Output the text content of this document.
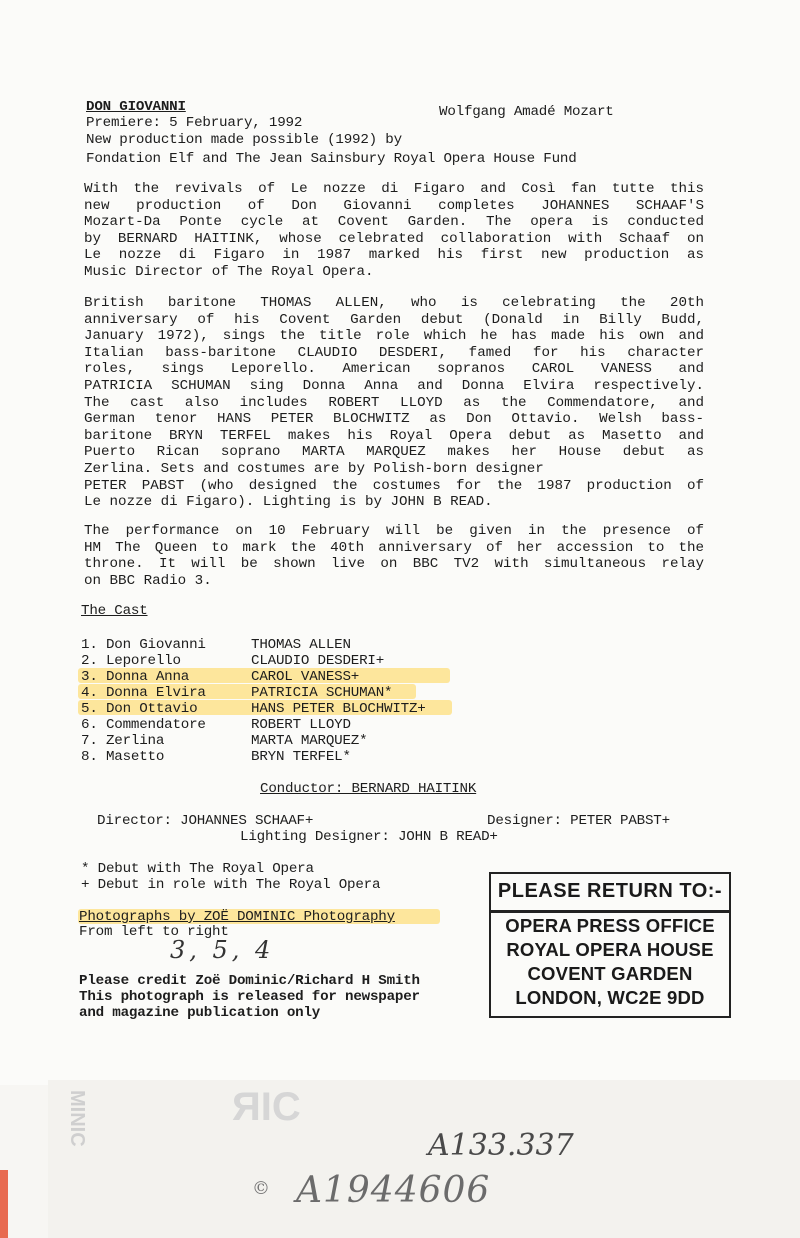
DON GIOVANNI	Wolfgang Amadé Mozart
Premiere: 5 February, 1992
New production made possible (1992) by
Fondation Elf and The Jean Sainsbury Royal Opera House Fund
With the revivals of Le nozze di Figaro and Così fan tutte this
new production of Don Giovanni completes JOHANNES SCHAAF'S
Mozart-Da Ponte cycle at Covent Garden. The opera is conducted
by BERNARD HAITINK, whose celebrated collaboration with Schaaf on
Le nozze di Figaro in 1987 marked his first new production as
Music Director of The Royal Opera.
British baritone THOMAS ALLEN, who is celebrating the 20th
anniversary of his Covent Garden debut (Donald in Billy Budd,
January 1972), sings the title role which he has made his own and
Italian bass-baritone CLAUDIO DESDERI, famed for his character
roles, sings Leporello. American sopranos CAROL VANESS and
PATRICIA SCHUMAN sing Donna Anna and Donna Elvira respectively.
The cast also includes ROBERT LLOYD as the Commendatore, and
German tenor HANS PETER BLOCHWITZ as Don Ottavio. Welsh bass-
baritone BRYN TERFEL makes his Royal Opera debut as Masetto and
Puerto Rican soprano MARTA MARQUEZ makes her House debut as
Zerlina. Sets and costumes are by Polish-born designer
PETER PABST (who designed the costumes for the 1987 production of
Le nozze di Figaro). Lighting is by JOHN B READ.
The performance on 10 February will be given in the presence of
HM The Queen to mark the 40th anniversary of her accession to the
throne. It will be shown live on BBC TV2 with simultaneous relay
on BBC Radio 3.
The Cast
1. Don Giovanni	THOMAS ALLEN
2. Leporello	CLAUDIO DESDERI+
3. Donna Anna	CAROL VANESS+
4. Donna Elvira	PATRICIA SCHUMAN*
5. Don Ottavio	HANS PETER BLOCHWITZ+
6. Commendatore	ROBERT LLOYD
7. Zerlina	MARTA MARQUEZ*
8. Masetto	BRYN TERFEL*
Conductor: BERNARD HAITINK
Director: JOHANNES SCHAAF+	Designer: PETER PABST+
Lighting Designer: JOHN B READ+
* Debut with The Royal Opera
+ Debut in role with The Royal Opera
Photographs by ZOË DOMINIC Photography
From left to right
3, 5, 4
Please credit Zoë Dominic/Richard H Smith
This photograph is released for newspaper
and magazine publication only
PLEASE RETURN TO:-
OPERA PRESS OFFICE
ROYAL OPERA HOUSE
COVENT GARDEN
LONDON, WC2E 9DD
MINIC	ЯIC
© A1944606
A133.337
